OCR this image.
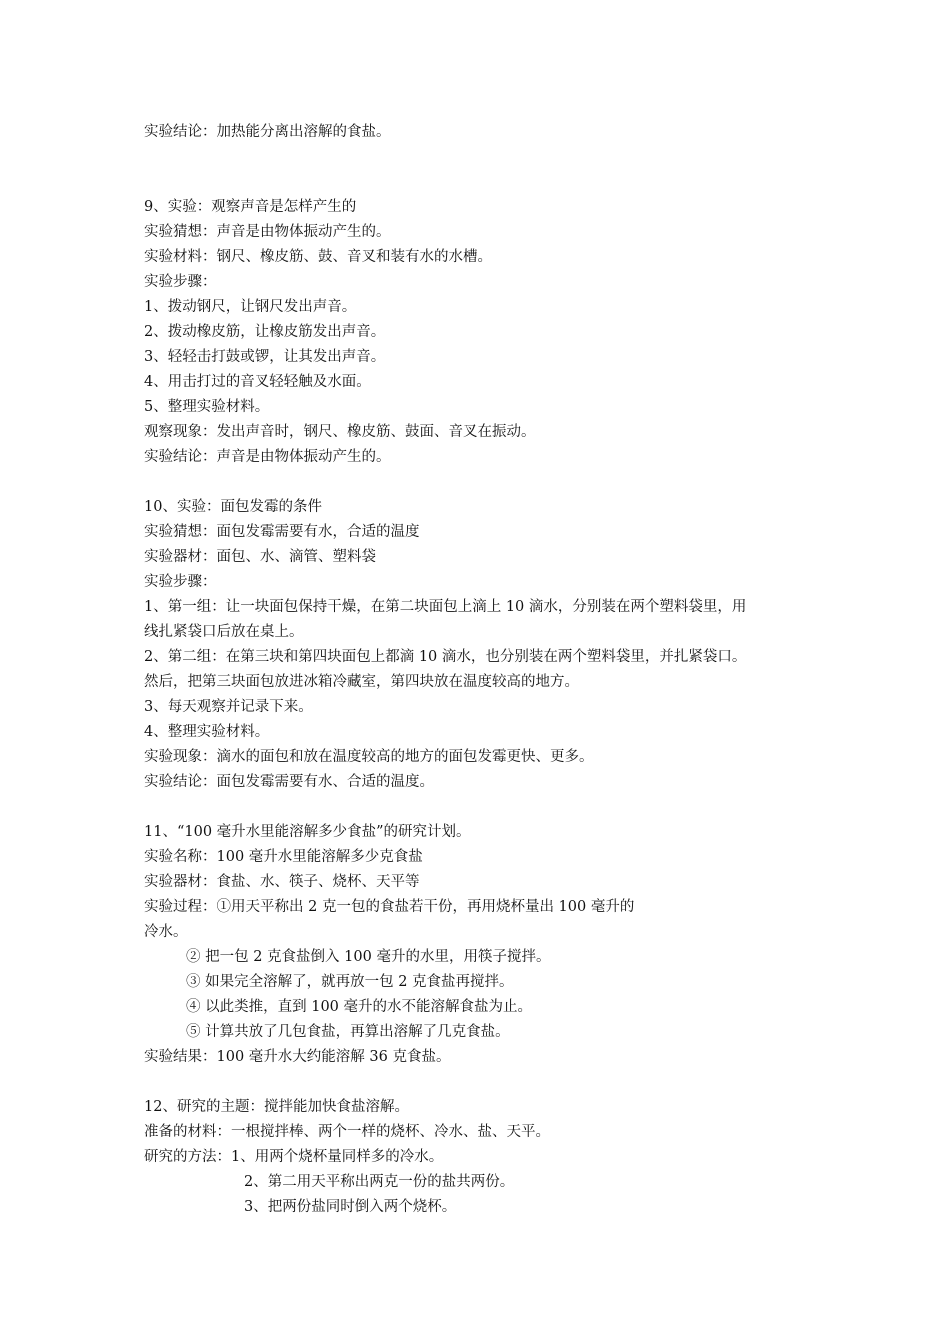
实验结论：加热能分离出溶解的食盐。
9、实验：观察声音是怎样产生的
实验猜想：声音是由物体振动产生的。
实验材料：钢尺、橡皮筋、鼓、音叉和装有水的水槽。
实验步骤：
1、拨动钢尺，让钢尺发出声音。
2、拨动橡皮筋，让橡皮筋发出声音。
3、轻轻击打鼓或锣，让其发出声音。
4、用击打过的音叉轻轻触及水面。
5、整理实验材料。
观察现象：发出声音时，钢尺、橡皮筋、鼓面、音叉在振动。
实验结论：声音是由物体振动产生的。
10、实验：面包发霉的条件
实验猜想：面包发霉需要有水，合适的温度
实验器材：面包、水、滴管、塑料袋
实验步骤：
1、第一组：让一块面包保持干燥，在第二块面包上滴上 10 滴水，分别装在两个塑料袋里，用
线扎紧袋口后放在桌上。
2、第二组：在第三块和第四块面包上都滴 10 滴水，也分别装在两个塑料袋里，并扎紧袋口。
然后，把第三块面包放进冰箱冷藏室，第四块放在温度较高的地方。
3、每天观察并记录下来。
4、整理实验材料。
实验现象：滴水的面包和放在温度较高的地方的面包发霉更快、更多。
实验结论：面包发霉需要有水、合适的温度。
11、“100 毫升水里能溶解多少食盐”的研究计划。
实验名称：100 毫升水里能溶解多少克食盐
实验器材：食盐、水、筷子、烧杯、天平等
实验过程：①用天平称出 2 克一包的食盐若干份，再用烧杯量出 100 毫升的
冷水。
② 把一包 2 克食盐倒入 100 毫升的水里，用筷子搅拌。
③ 如果完全溶解了，就再放一包 2 克食盐再搅拌。
④ 以此类推，直到 100 毫升的水不能溶解食盐为止。
⑤ 计算共放了几包食盐，再算出溶解了几克食盐。
实验结果：100 毫升水大约能溶解 36 克食盐。
12、研究的主题：搅拌能加快食盐溶解。
准备的材料：一根搅拌棒、两个一样的烧杯、冷水、盐、天平。
研究的方法：1、用两个烧杯量同样多的冷水。
2、第二用天平称出两克一份的盐共两份。
3、把两份盐同时倒入两个烧杯。
